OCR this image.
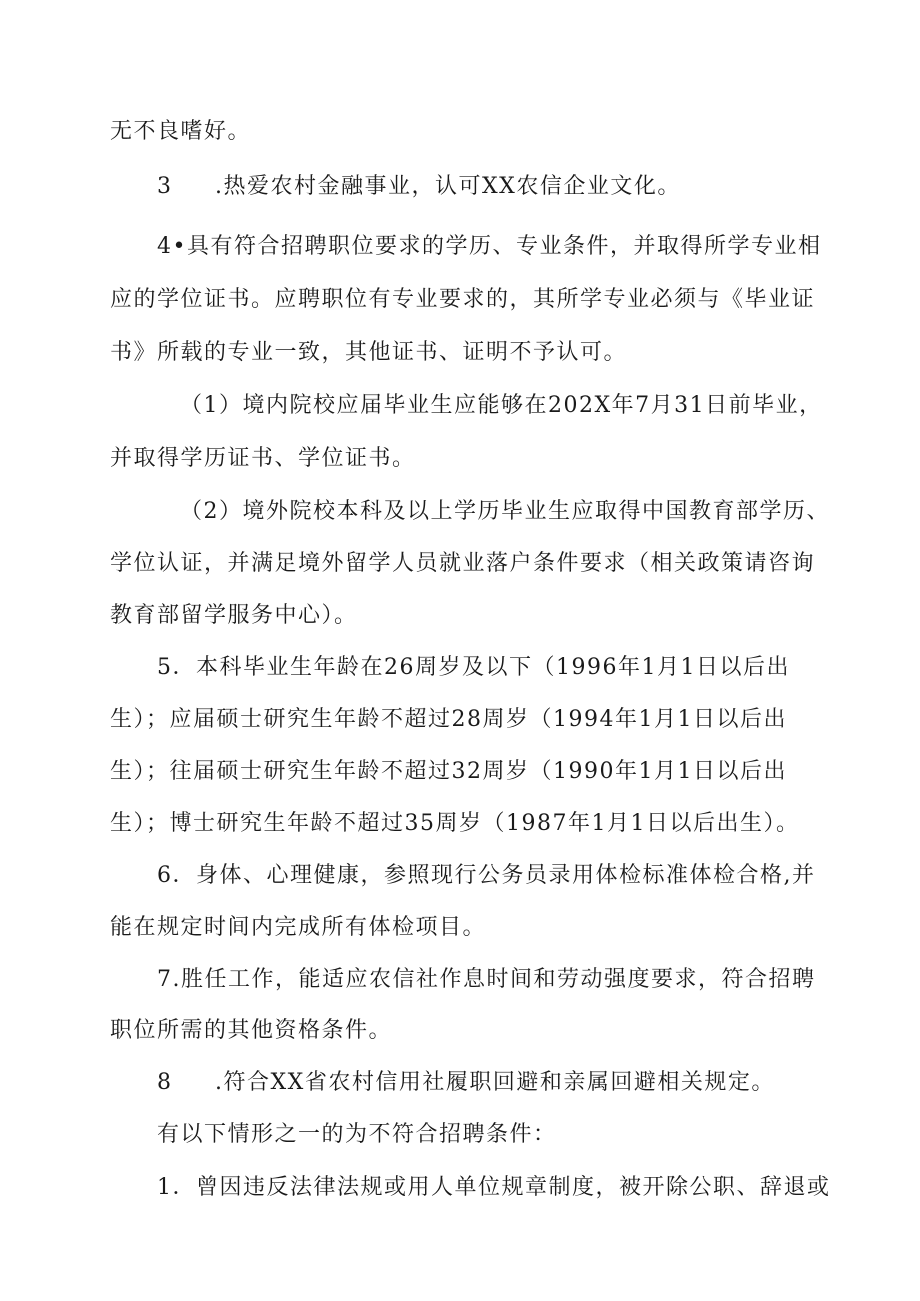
无不良嗜好。
3 .热爱农村金融事业，认可XX农信企业文化。
4•具有符合招聘职位要求的学历、专业条件，并取得所学专业相
应的学位证书。应聘职位有专业要求的，其所学专业必须与《毕业证
书》所载的专业一致，其他证书、证明不予认可。
（1）境内院校应届毕业生应能够在202X年7月31日前毕业，
并取得学历证书、学位证书。
（2）境外院校本科及以上学历毕业生应取得中国教育部学历、
学位认证，并满足境外留学人员就业落户条件要求（相关政策请咨询
教育部留学服务中心）。
5．本科毕业生年龄在26周岁及以下（1996年1月1日以后出
生）；应届硕士研究生年龄不超过28周岁（1994年1月1日以后出
生）；往届硕士研究生年龄不超过32周岁（1990年1月1日以后出
生）；博士研究生年龄不超过35周岁（1987年1月1日以后出生）。
6．身体、心理健康，参照现行公务员录用体检标准体检合格,并
能在规定时间内完成所有体检项目。
7.胜任工作，能适应农信社作息时间和劳动强度要求，符合招聘
职位所需的其他资格条件。
8 .符合XX省农村信用社履职回避和亲属回避相关规定。
有以下情形之一的为不符合招聘条件：
1．曾因违反法律法规或用人单位规章制度，被开除公职、辞退或
